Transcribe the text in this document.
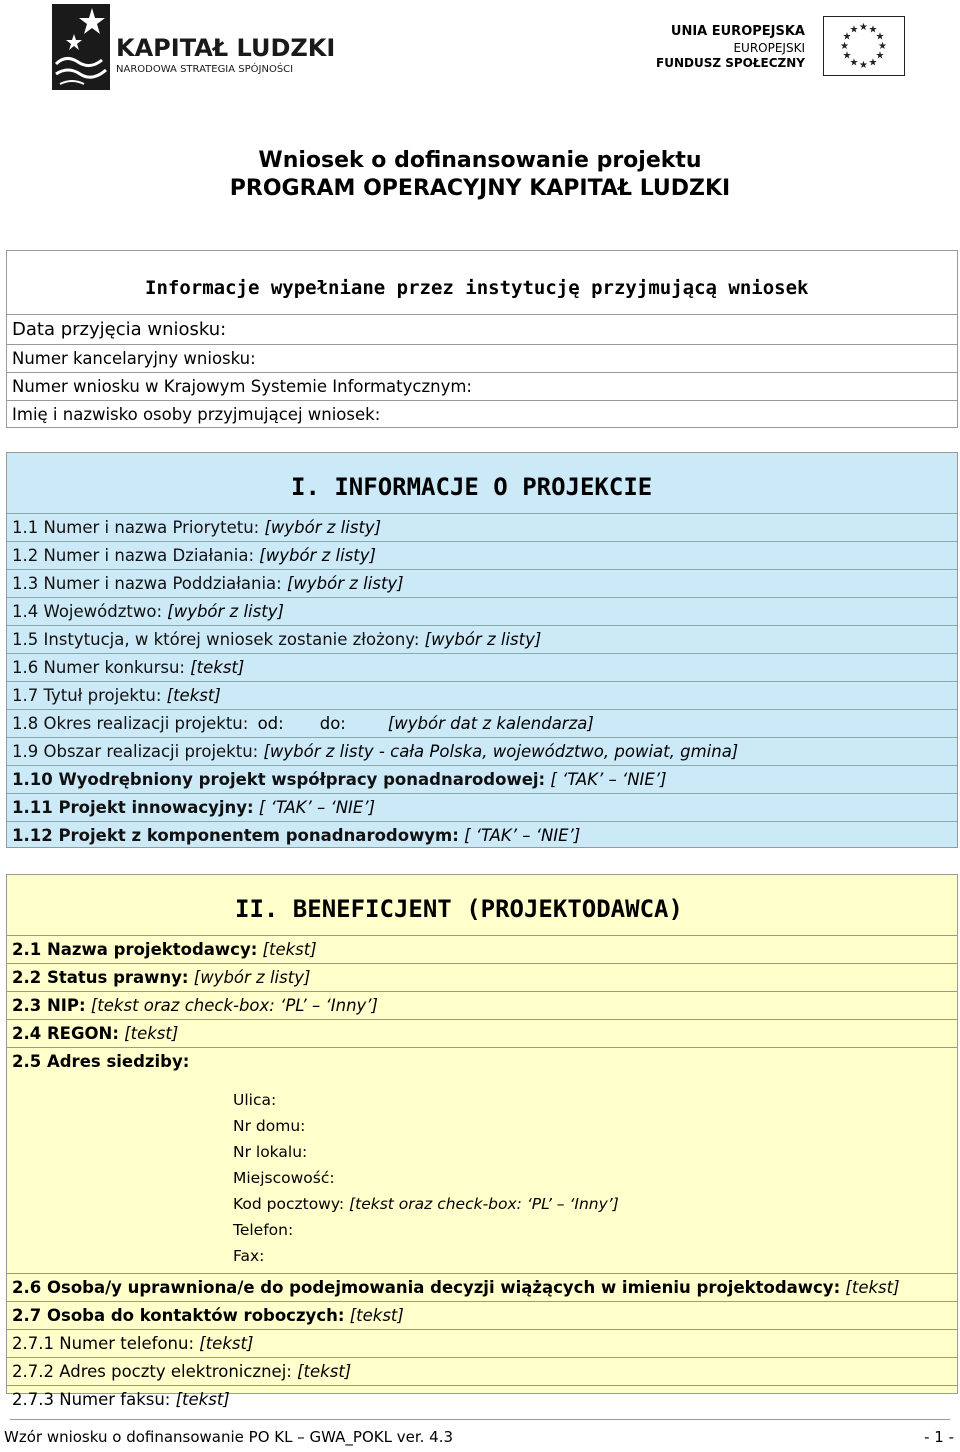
KAPITAŁ LUDZKI
NARODOWA STRATEGIA SPÓJNOŚCI
UNIA EUROPEJSKA
EUROPEJSKI
FUNDUSZ SPOŁECZNY
★ ★
★
★
★
★
★
★
★
★
★
★
Wniosek o dofinansowanie projektu
PROGRAM OPERACYJNY KAPITAŁ LUDZKI
Informacje wypełniane przez instytucję przyjmującą wniosek
Data przyjęcia wniosku:
Numer kancelaryjny wniosku:
Numer wniosku w Krajowym Systemie Informatycznym:
Imię i nazwisko osoby przyjmującej wniosek:
I. INFORMACJE O PROJEKCIE
1.1 Numer i nazwa Priorytetu: [wybór z listy]
1.2 Numer i nazwa Działania: [wybór z listy]
1.3 Numer i nazwa Poddziałania: [wybór z listy]
1.4 Województwo: [wybór z listy]
1.5 Instytucja, w której wniosek zostanie złożony: [wybór z listy]
1.6 Numer konkursu: [tekst]
1.7 Tytuł projektu: [tekst]
1.8 Okres realizacji projektu: od: do:	[wybór dat z kalendarza]
1.9 Obszar realizacji projektu: [wybór z listy - cała Polska, województwo, powiat, gmina]
1.10 Wyodrębniony projekt współpracy ponadnarodowej: [ ‘TAK’ – ‘NIE’]
1.11 Projekt innowacyjny: [ ‘TAK’ – ‘NIE’]
1.12 Projekt z komponentem ponadnarodowym: [ ‘TAK’ – ‘NIE’]
II. BENEFICJENT (PROJEKTODAWCA)
2.1 Nazwa projektodawcy: [tekst]
2.2 Status prawny: [wybór z listy]
2.3 NIP: [tekst oraz check-box: ‘PL’ – ‘Inny’]
2.4 REGON: [tekst]
2.5 Adres siedziby:
Ulica:
Nr domu:
Nr lokalu:
Miejscowość:
Kod pocztowy: [tekst oraz check-box: ‘PL’ – ‘Inny’]
Telefon:
Fax:
2.6 Osoba/y uprawniona/e do podejmowania decyzji wiążących w imieniu projektodawcy: [tekst]
2.7 Osoba do kontaktów roboczych: [tekst]
2.7.1 Numer telefonu: [tekst]
2.7.2 Adres poczty elektronicznej: [tekst]
2.7.3 Numer faksu: [tekst]
Wzór wniosku o dofinansowanie PO KL – GWA_POKL ver. 4.3	- 1 -
